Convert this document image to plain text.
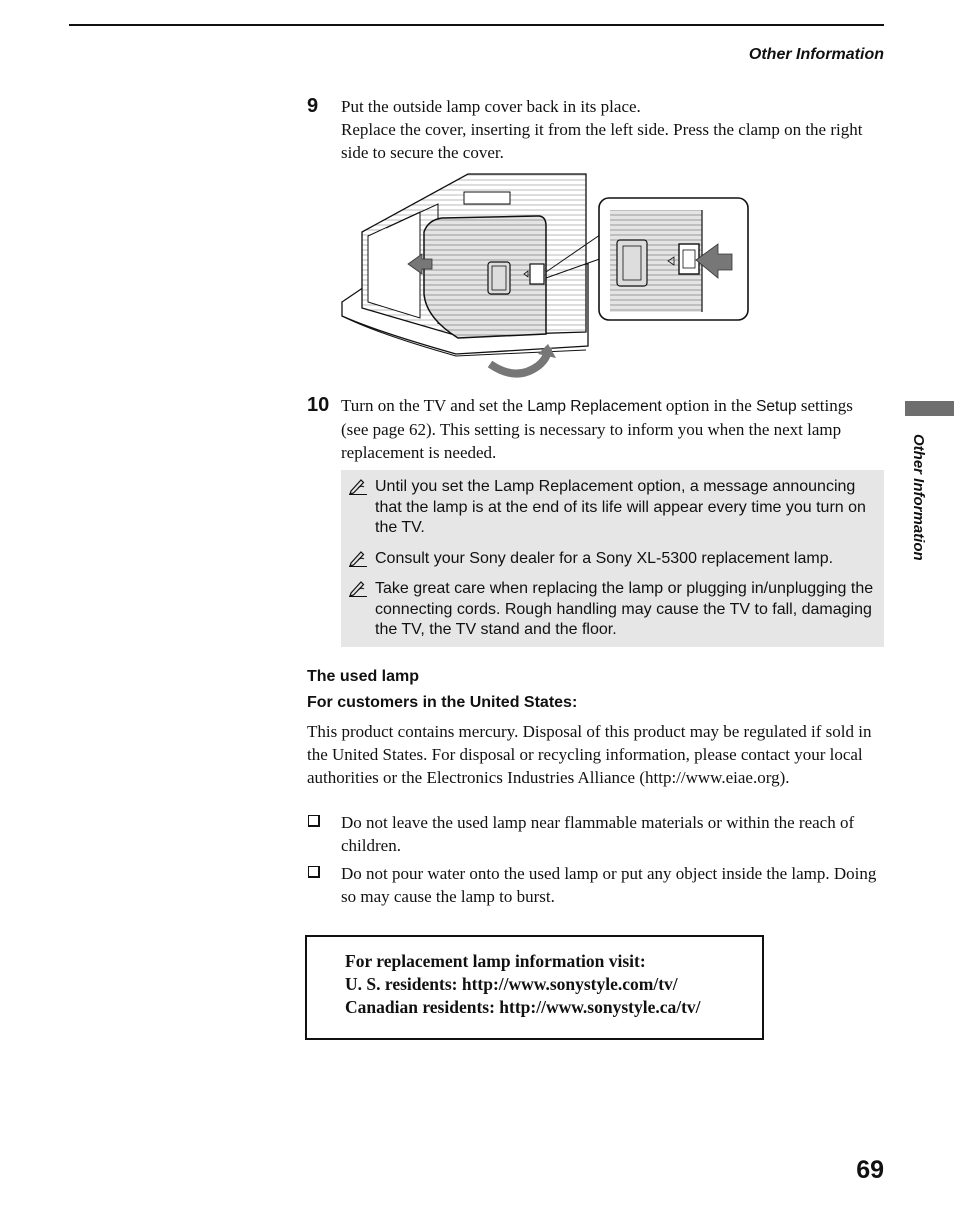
Other Information
9 Put the outside lamp cover back in its place.
Replace the cover, inserting it from the left side. Press the clamp on the right side to secure the cover.
10 Turn on the TV and set the Lamp Replacement option in the Setup settings (see page 62). This setting is necessary to inform you when the next lamp replacement is needed.
Until you set the Lamp Replacement option, a message announcing that the lamp is at the end of its life will appear every time you turn on the TV.
Consult your Sony dealer for a Sony XL-5300 replacement lamp.
Take great care when replacing the lamp or plugging in/unplugging the connecting cords. Rough handling may cause the TV to fall, damaging the TV, the TV stand and the floor.
The used lamp
For customers in the United States:
This product contains mercury. Disposal of this product may be regulated if sold in the United States. For disposal or recycling information, please contact your local authorities or the Electronics Industries Alliance (http://www.eiae.org).
Do not leave the used lamp near flammable materials or within the reach of children.
Do not pour water onto the used lamp or put any object inside the lamp. Doing so may cause the lamp to burst.
For replacement lamp information visit:
U. S. residents: http://www.sonystyle.com/tv/
Canadian residents: http://www.sonystyle.ca/tv/
Other Information
69
